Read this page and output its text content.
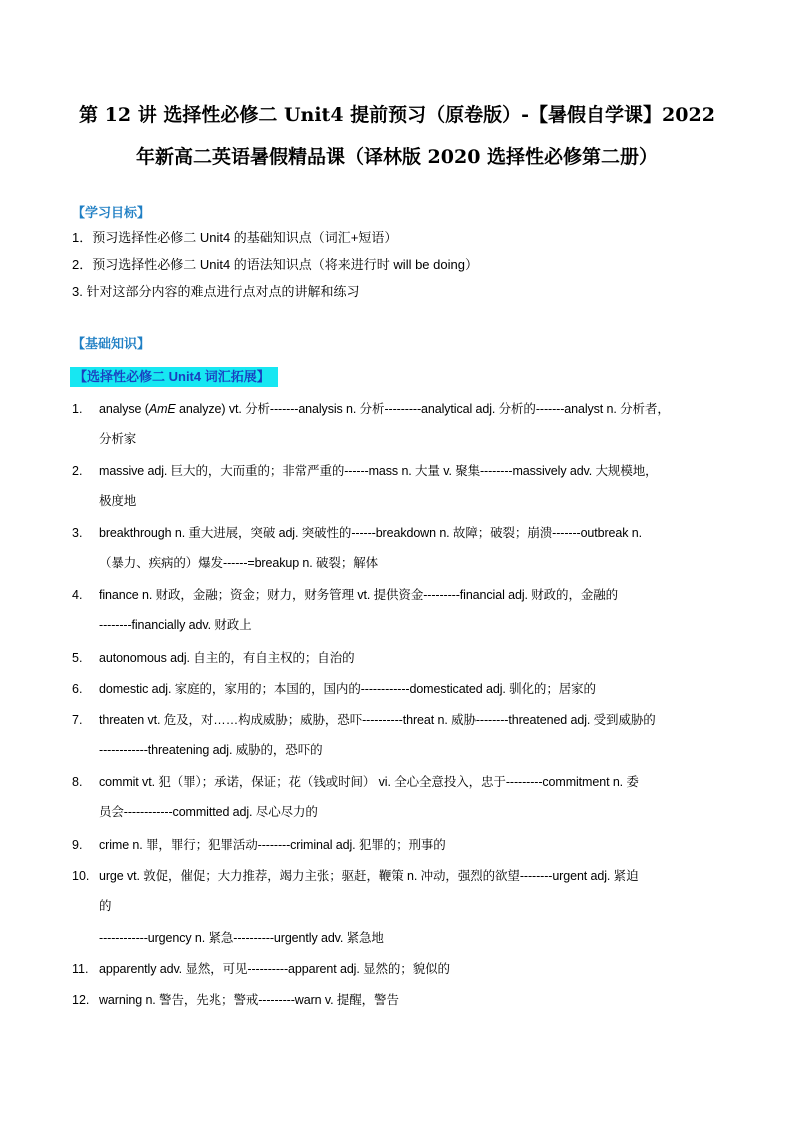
第 12 讲 选择性必修二 Unit4 提前预习（原卷版）-【暑假自学课】2022
年新高二英语暑假精品课（译林版 2020 选择性必修第二册）
【学习目标】
1．预习选择性必修二 Unit4 的基础知识点（词汇+短语）
2．预习选择性必修二 Unit4 的语法知识点（将来进行时 will be doing）
3. 针对这部分内容的难点进行点对点的讲解和练习
【基础知识】
【选择性必修二 Unit4 词汇拓展】
1. analyse (AmE analyze) vt. 分析-------analysis n. 分析---------analytical adj. 分析的-------analyst n. 分析者，
分析家
2. massive adj. 巨大的，大而重的；非常严重的------mass n. 大量 v. 聚集--------massively adv. 大规模地，
极度地
3. breakthrough n. 重大进展，突破 adj. 突破性的------breakdown n. 故障；破裂；崩溃-------outbreak n.
（暴力、疾病的）爆发------=breakup n. 破裂；解体
4. finance n. 财政，金融；资金；财力，财务管理 vt. 提供资金---------financial adj. 财政的，金融的
--------financially adv. 财政上
5. autonomous adj. 自主的，有自主权的；自治的
6. domestic adj. 家庭的，家用的；本国的，国内的------------domesticated adj. 驯化的；居家的
7. threaten vt. 危及，对……构成威胁；威胁，恐吓----------threat n. 威胁--------threatened adj. 受到威胁的
------------threatening adj. 威胁的，恐吓的
8. commit vt. 犯（罪）；承诺，保证；花（钱或时间） vi. 全心全意投入，忠于---------commitment n. 委
员会------------committed adj. 尽心尽力的
9. crime n. 罪，罪行；犯罪活动--------criminal adj. 犯罪的；刑事的
10. urge vt. 敦促，催促；大力推荐，竭力主张；驱赶，鞭策 n. 冲动，强烈的欲望--------urgent adj. 紧迫
的
------------urgency n. 紧急----------urgently adv. 紧急地
11. apparently adv. 显然，可见----------apparent adj. 显然的；貌似的
12. warning n. 警告，先兆；警戒---------warn v. 提醒，警告
